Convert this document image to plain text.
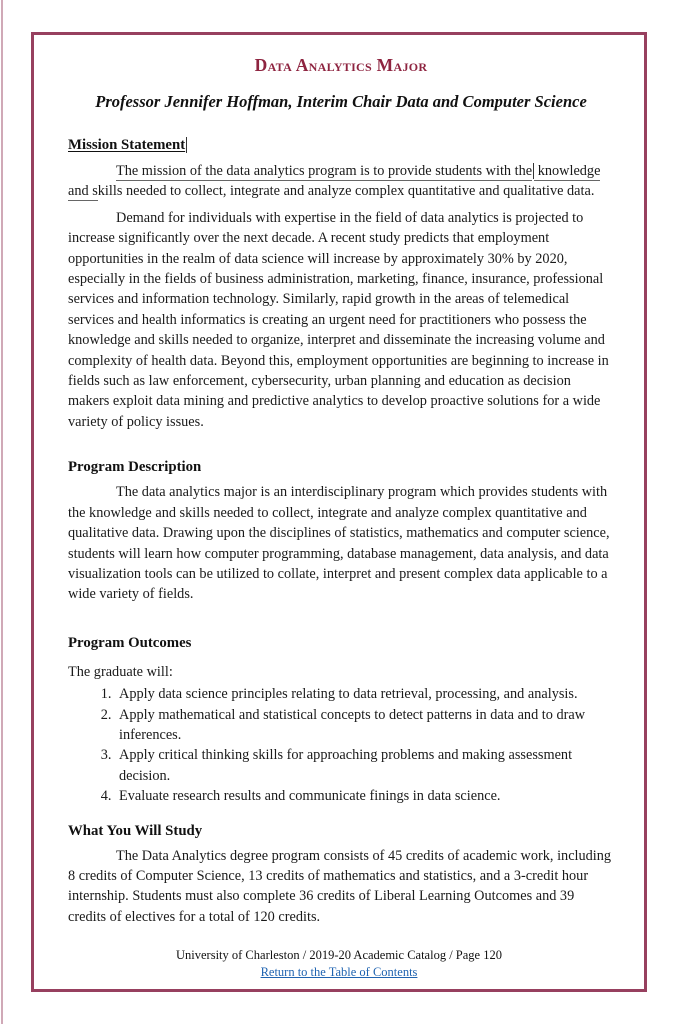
Data Analytics Major
Professor Jennifer Hoffman, Interim Chair Data and Computer Science
Mission Statement

The mission of the data analytics program is to provide students with the knowledge and skills needed to collect, integrate and analyze complex quantitative and qualitative data.

Demand for individuals with expertise in the field of data analytics is projected to increase significantly over the next decade. A recent study predicts that employment opportunities in the realm of data science will increase by approximately 30% by 2020, especially in the fields of business administration, marketing, finance, insurance, professional services and information technology. Similarly, rapid growth in the areas of telemedical services and health informatics is creating an urgent need for practitioners who possess the knowledge and skills needed to organize, interpret and disseminate the increasing volume and complexity of health data. Beyond this, employment opportunities are beginning to increase in fields such as law enforcement, cybersecurity, urban planning and education as decision makers exploit data mining and predictive analytics to develop proactive solutions for a wide variety of policy issues.

Program Description

The data analytics major is an interdisciplinary program which provides students with the knowledge and skills needed to collect, integrate and analyze complex quantitative and qualitative data. Drawing upon the disciplines of statistics, mathematics and computer science, students will learn how computer programming, database management, data analysis, and data visualization tools can be utilized to collate, interpret and present complex data applicable to a wide variety of fields.

Program Outcomes

The graduate will:

1. Apply data science principles relating to data retrieval, processing, and analysis.
2. Apply mathematical and statistical concepts to detect patterns in data and to draw inferences.
3. Apply critical thinking skills for approaching problems and making assessment decision.
4. Evaluate research results and communicate finings in data science.
What You Will Study

The Data Analytics degree program consists of 45 credits of academic work, including 8 credits of Computer Science, 13 credits of mathematics and statistics, and a 3-credit hour internship. Students must also complete 36 credits of Liberal Learning Outcomes and 39 credits of electives for a total of 120 credits.

University of Charleston / 2019-20 Academic Catalog / Page 120
Return to the Table of Contents
